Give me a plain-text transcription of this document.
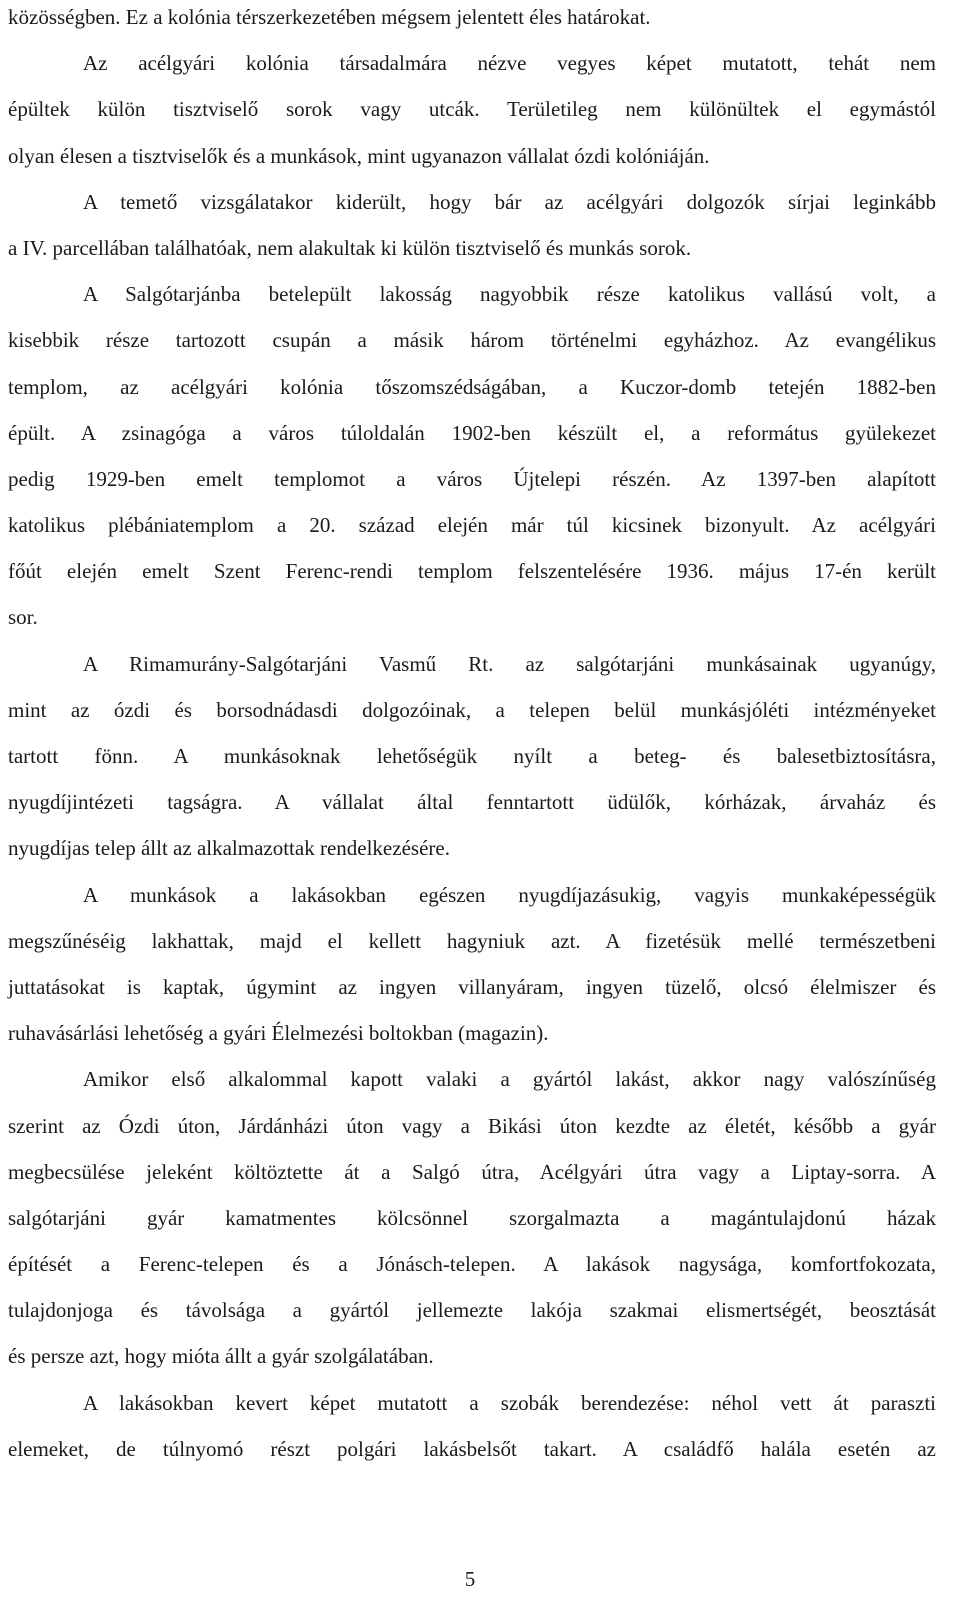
közösségben. Ez a kolónia térszerkezetében mégsem jelentett éles határokat.
Az acélgyári kolónia társadalmára nézve vegyes képet mutatott, tehát nem
épültek külön tisztviselő sorok vagy utcák. Területileg nem különültek el egymástól
olyan élesen a tisztviselők és a munkások, mint ugyanazon vállalat ózdi kolóniáján.
A temető vizsgálatakor kiderült, hogy bár az acélgyári dolgozók sírjai leginkább
a IV. parcellában találhatóak, nem alakultak ki külön tisztviselő és munkás sorok.
A Salgótarjánba betelepült lakosság nagyobbik része katolikus vallású volt, a
kisebbik része tartozott csupán a másik három történelmi egyházhoz. Az evangélikus
templom, az acélgyári kolónia tőszomszédságában, a Kuczor-domb tetején 1882-ben
épült. A zsinagóga a város túloldalán 1902-ben készült el, a református gyülekezet
pedig 1929-ben emelt templomot a város Újtelepi részén. Az 1397-ben alapított
katolikus plébániatemplom a 20. század elején már túl kicsinek bizonyult. Az acélgyári
főút elején emelt Szent Ferenc-rendi templom felszentelésére 1936. május 17-én került
sor.
A Rimamurány-Salgótarjáni Vasmű Rt. az salgótarjáni munkásainak ugyanúgy,
mint az ózdi és borsodnádasdi dolgozóinak, a telepen belül munkásjóléti intézményeket
tartott fönn. A munkásoknak lehetőségük nyílt a beteg- és balesetbiztosításra,
nyugdíjintézeti tagságra. A vállalat által fenntartott üdülők, kórházak, árvaház és
nyugdíjas telep állt az alkalmazottak rendelkezésére.
A munkások a lakásokban egészen nyugdíjazásukig, vagyis munkaképességük
megszűnéséig lakhattak, majd el kellett hagyniuk azt. A fizetésük mellé természetbeni
juttatásokat is kaptak, úgymint az ingyen villanyáram, ingyen tüzelő, olcsó élelmiszer és
ruhavásárlási lehetőség a gyári Élelmezési boltokban (magazin).
Amikor első alkalommal kapott valaki a gyártól lakást, akkor nagy valószínűség
szerint az Ózdi úton, Járdánházi úton vagy a Bikási úton kezdte az életét, később a gyár
megbecsülése jeleként költöztette át a Salgó útra, Acélgyári útra vagy a Liptay-sorra. A
salgótarjáni gyár kamatmentes kölcsönnel szorgalmazta a magántulajdonú házak
építését a Ferenc-telepen és a Jónásch-telepen. A lakások nagysága, komfortfokozata,
tulajdonjoga és távolsága a gyártól jellemezte lakója szakmai elismertségét, beosztását
és persze azt, hogy mióta állt a gyár szolgálatában.
A lakásokban kevert képet mutatott a szobák berendezése: néhol vett át paraszti
elemeket, de túlnyomó részt polgári lakásbelsőt takart. A családfő halála esetén az
5
